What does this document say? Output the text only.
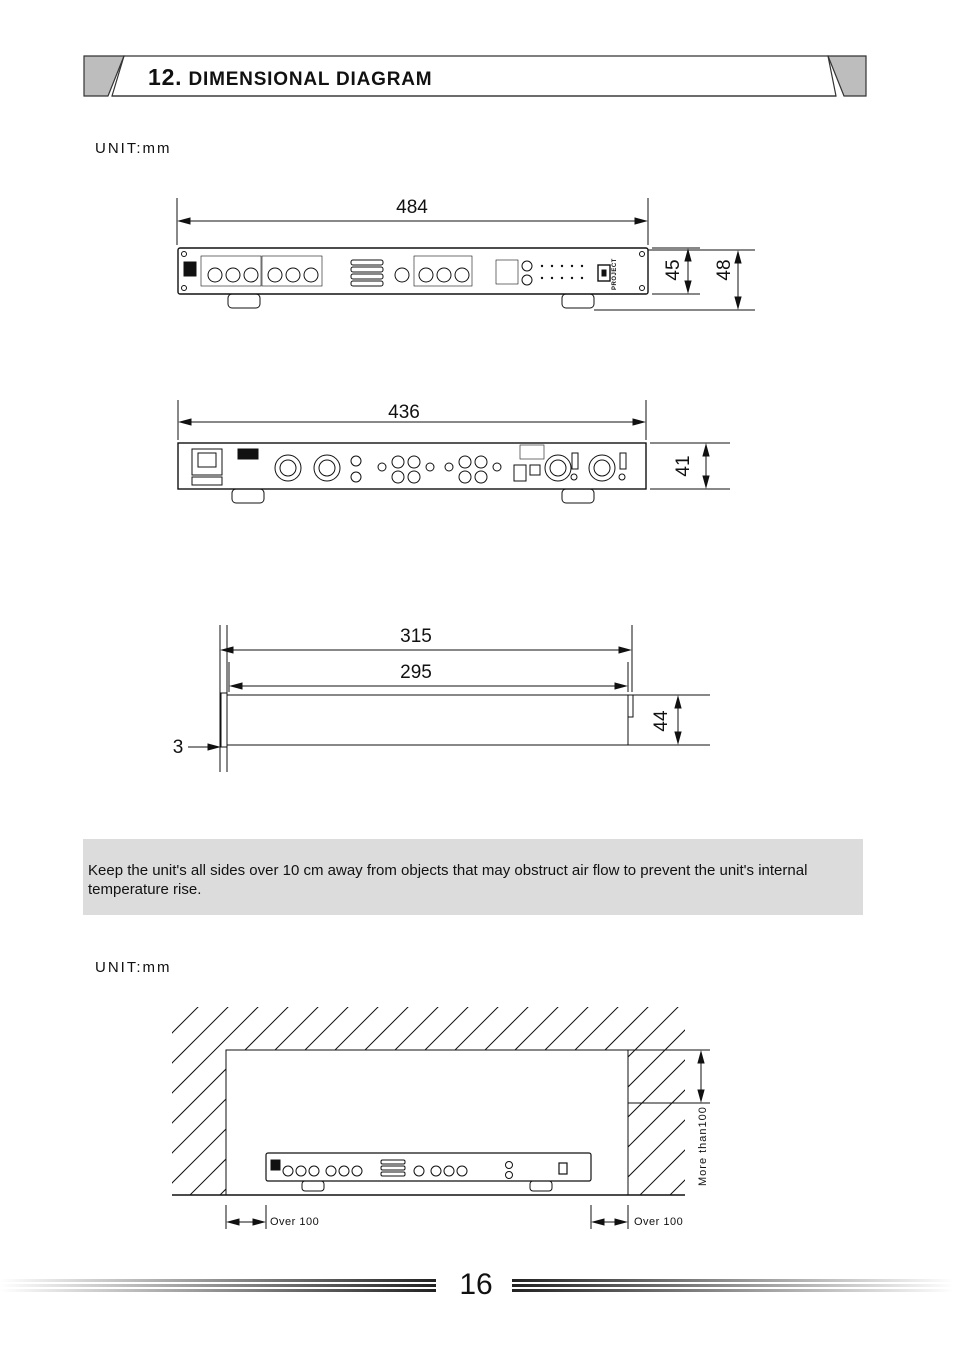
12. DIMENSIONAL DIAGRAM
UNIT:mm
484
45 48
PROJECT
436
41
315
295
44
3
Keep the unit's all sides over 10 cm away from objects that may obstruct air flow to prevent the unit's internal temperature rise.
UNIT:mm
Over 100	Over 100
More than100
16
